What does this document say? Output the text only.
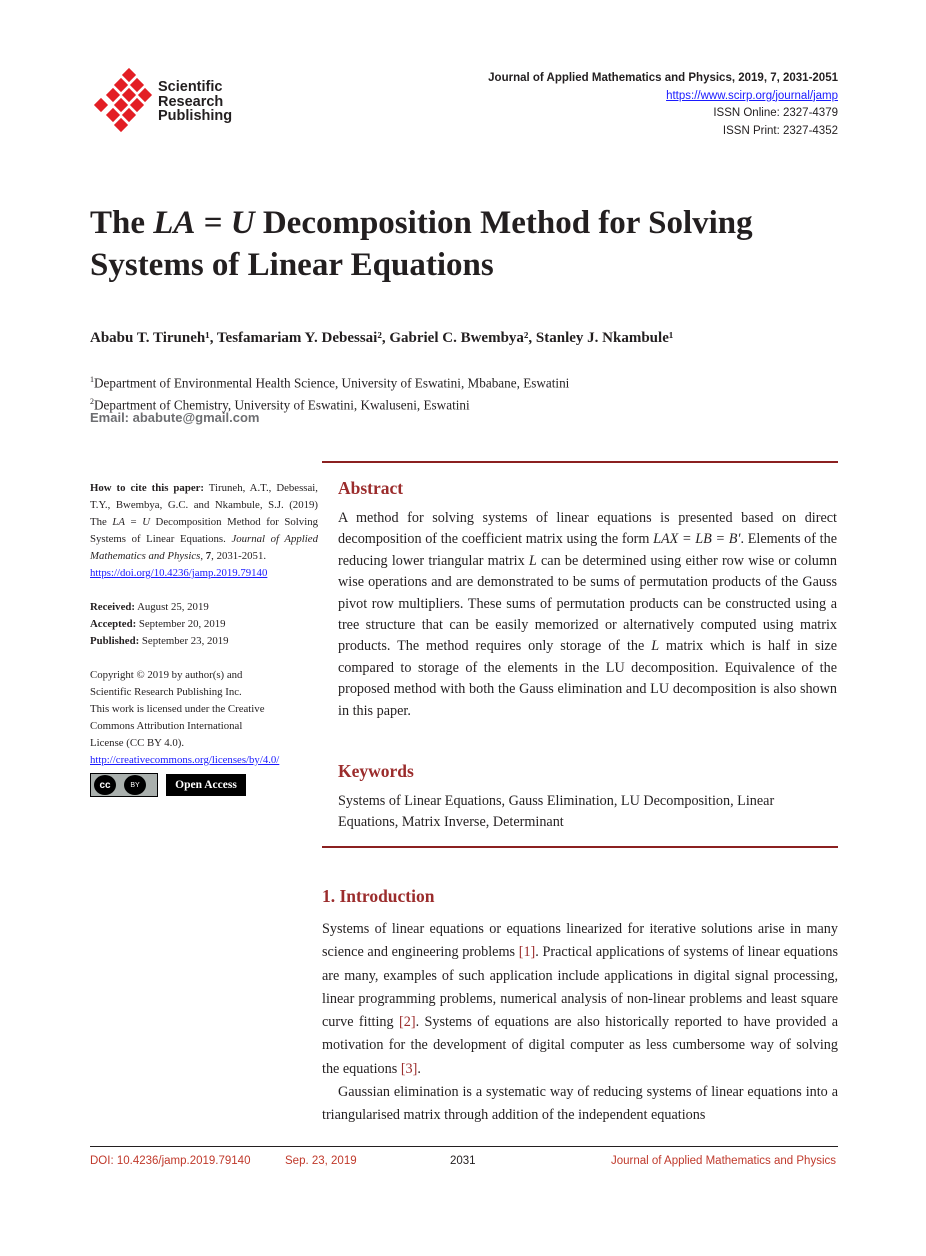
Scientific
Research
Publishing
Journal of Applied Mathematics and Physics, 2019, 7, 2031-2051
https://www.scirp.org/journal/jamp
ISSN Online: 2327-4379
ISSN Print: 2327-4352
The LA = U Decomposition Method for Solving Systems of Linear Equations
Ababu T. Tiruneh¹, Tesfamariam Y. Debessai², Gabriel C. Bwembya², Stanley J. Nkambule¹
$^1$Department of Environmental Health Science, University of Eswatini, Mbabane, Eswatini
$^2$Department of Chemistry, University of Eswatini, Kwaluseni, Eswatini
Email: ababute@gmail.com
How to cite this paper: Tiruneh, A.T., Debessai, T.Y., Bwembya, G.C. and Nkambule, S.J. (2019) The LA = U Decomposition Method for Solving Systems of Linear Equations. Journal of Applied Mathematics and Physics, 7, 2031-2051.
https://doi.org/10.4236/jamp.2019.79140
Received: August 25, 2019
Accepted: September 20, 2019
Published: September 23, 2019
Copyright © 2019 by author(s) and
Scientific Research Publishing Inc.
This work is licensed under the Creative
Commons Attribution International
License (CC BY 4.0).
http://creativecommons.org/licenses/by/4.0/
cc	BY	Open Access
Abstract
A method for solving systems of linear equations is presented based on direct decomposition of the coefficient matrix using the form LAX = LB = B′. Elements of the reducing lower triangular matrix L can be determined using either row wise or column wise operations and are demonstrated to be sums of permutation products of the Gauss pivot row multipliers. These sums of permutation products can be constructed using a tree structure that can be easily memorized or alternatively computed using matrix products. The method requires only storage of the L matrix which is half in size compared to storage of the elements in the LU decomposition. Equivalence of the proposed method with both the Gauss elimination and LU decomposition is also shown in this paper.
Keywords
Systems of Linear Equations, Gauss Elimination, LU Decomposition, Linear Equations, Matrix Inverse, Determinant
1. Introduction

Systems of linear equations or equations linearized for iterative solutions arise in many science and engineering problems [1]. Practical applications of systems of linear equations are many, examples of such application include applications in digital signal processing, linear programming problems, numerical analysis of non-linear problems and least square curve fitting [2]. Systems of equations are also historically reported to have provided a motivation for the development of digital computer as less cumbersome way of solving the equations [3].

Gaussian elimination is a systematic way of reducing systems of linear equations into a triangularised matrix through addition of the independent equations

DOI: 10.4236/jamp.2019.79140	Sep. 23, 2019	2031	Journal of Applied Mathematics and Physics
